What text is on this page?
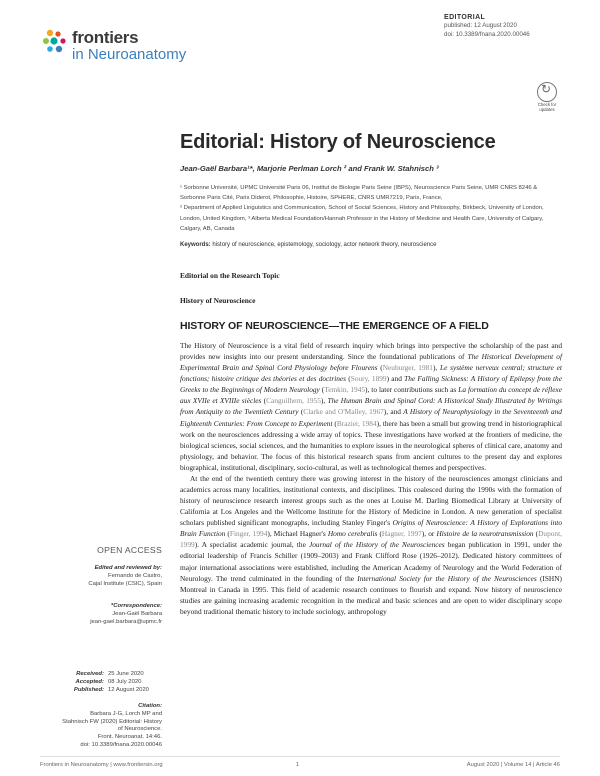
frontiers
in Neuroanatomy
EDITORIAL
published: 12 August 2020
doi: 10.3389/fnana.2020.00046
↻
Check for
updates
Editorial: History of Neuroscience
Jean-Gaël Barbara¹*, Marjorie Perlman Lorch ² and Frank W. Stahnisch ³
¹ Sorbonne Université, UPMC Université Paris 06, Institut de Biologie Paris Seine (IBPS), Neuroscience Paris Seine, UMR CNRS 8246 & Sorbonne Paris Cité, Paris Diderot, Philosophie, Histoire, SPHERE, CNRS UMR7219, Paris, France,
² Department of Applied Linguistics and Communication, School of Social Sciences, History and Philosophy, Birkbeck, University of London, London, United Kingdom, ³ Alberta Medical Foundation/Hannah Professor in the History of Medicine and Health Care, University of Calgary, Calgary, AB, Canada
Keywords: history of neuroscience, epistemology, sociology, actor network theory, neuroscience
Editorial on the Research Topic
History of Neuroscience
HISTORY OF NEUROSCIENCE—THE EMERGENCE OF A FIELD

The History of Neuroscience is a vital field of research inquiry which brings into perspective the scholarship of the past and provides new insights into our present understanding. Since the foundational publications of The Historical Development of Experimental Brain and Spinal Cord Physiology before Flourens (Neuburger, 1981), Le système nerveux central; structure et fonctions; histoire critique des théories et des doctrines (Soury, 1899) and The Falling Sickness: A History of Epilepsy from the Greeks to the Beginnings of Modern Neurology (Temkin, 1945), to later contributions such as La formation du concept de réflexe aux XVIIe et XVIIIe siècles (Canguilhem, 1955), The Human Brain and Spinal Cord: A Historical Study Illustrated by Writings from Antiquity to the Twentieth Century (Clarke and O'Malley, 1967), and A History of Neurophysiology in the Seventeenth and Eighteenth Centuries: From Concept to Experiment (Brazier, 1984), there has been a small but growing trend in historiographical work on the neurosciences addressing a wide array of topics. These investigations have worked at the frontiers of medicine, the biological sciences, social sciences, and the humanities to explore issues in the neurological spheres of clinical care, anatomy and physiology, and behavior. The focus of this historical research spans from ancient cultures to the present day and explores biographical, institutional, disciplinary, socio-cultural, as well as technological themes and perspectives.

At the end of the twentieth century there was growing interest in the history of the neurosciences amongst clinicians and academics across many localities, institutional contexts, and disciplines. This coalesced during the 1990s with the formation of history of neuroscience research interest groups such as the ones at Louise M. Darling Biomedical Library at University of California at Los Angeles and the Wellcome Institute for the History of Medicine in London. A new generation of specialist scholars published significant monographs, including Stanley Finger's Origins of Neuroscience: A History of Explorations into Brain Function (Finger, 1994), Michael Hagner's Homo cerebralis (Hagner, 1997), or Histoire de la neurotransmission (Dupont, 1999). A specialist academic journal, the Journal of the History of the Neurosciences began publication in 1991, under the editorial leadership of Francis Schiller (1909–2003) and Frank Clifford Rose (1926–2012). Dedicated history committees of major international associations were established, including the American Academy of Neurology and the World Federation of Neurology. The trend culminated in the founding of the International Society for the History of the Neurosciences (ISHN) Montreal in Canada in 1995. This field of academic research continues to flourish and expand. Now history of neuroscience studies are gaining increasing academic recognition in the medical and basic sciences and are open to wider disciplinary scope beyond traditional thematic history to include sociology, anthropology

OPEN ACCESS
Edited and reviewed by:
Fernando de Castro,
Cajal Institute (CSIC), Spain
*Correspondence:
Jean-Gaël Barbara
jean-gael.barbara@upmc.fr
Received: 25 June 2020
Accepted: 08 July 2020
Published: 12 August 2020
Citation:
Barbara J-G, Lorch MP and
Stahnisch FW (2020) Editorial: History
of Neuroscience.
Front. Neuroanat. 14:46.
doi: 10.3389/fnana.2020.00046
Frontiers in Neuroanatomy | www.frontiersin.org	1	August 2020 | Volume 14 | Article 46
